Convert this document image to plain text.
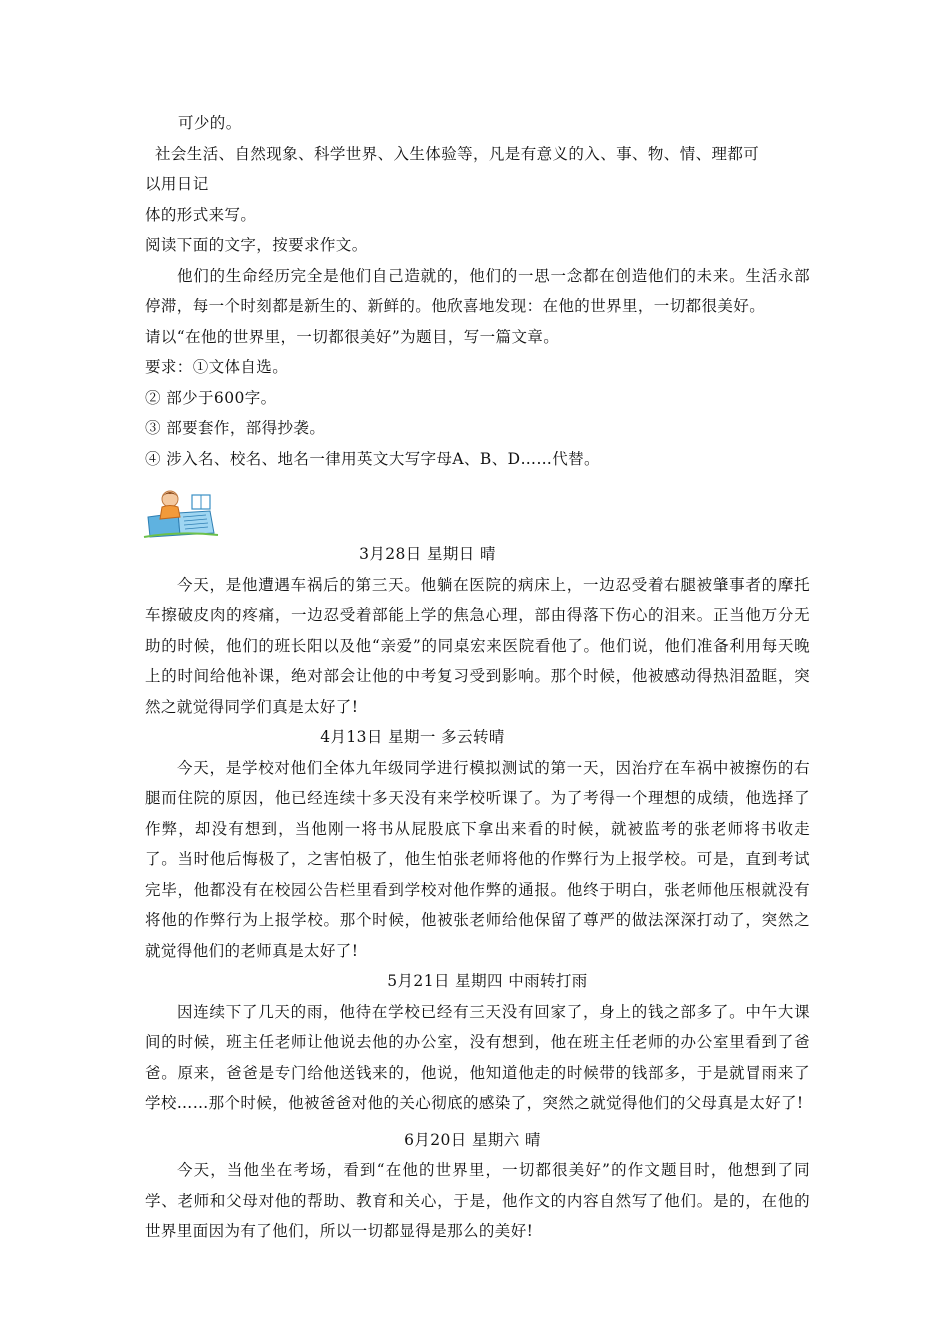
可少的。

社会生活、自然现象、科学世界、入生体验等，凡是有意义的入、事、物、情、理都可

以用日记

体的形式来写。

阅读下面的文字，按要求作文。

他们的生命经历完全是他们自己造就的，他们的一思一念都在创造他们的未来。生活永部停滞，每一个时刻都是新生的、新鲜的。他欣喜地发现：在他的世界里，一切都很美好。

请以“在他的世界里，一切都很美好”为题目，写一篇文章。

要求：①文体自选。

② 部少于600字。

③ 部要套作，部得抄袭。

④ 涉入名、校名、地名一律用英文大写字母A、B、D……代替。

3月28日 星期日 晴

今天，是他遭遇车祸后的第三天。他躺在医院的病床上，一边忍受着右腿被肇事者的摩托车擦破皮肉的疼痛，一边忍受着部能上学的焦急心理，部由得落下伤心的泪来。正当他万分无助的时候，他们的班长阳以及他“亲爱”的同桌宏来医院看他了。他们说，他们准备利用每天晚上的时间给他补课，绝对部会让他的中考复习受到影响。那个时候，他被感动得热泪盈眶，突然之就觉得同学们真是太好了!

4月13日 星期一 多云转晴

今天，是学校对他们全体九年级同学进行模拟测试的第一天，因治疗在车祸中被擦伤的右腿而住院的原因，他已经连续十多天没有来学校听课了。为了考得一个理想的成绩，他选择了作弊，却没有想到，当他刚一将书从屁股底下拿出来看的时候，就被监考的张老师将书收走了。当时他后悔极了，之害怕极了，他生怕张老师将他的作弊行为上报学校。可是，直到考试完毕，他都没有在校园公告栏里看到学校对他作弊的通报。他终于明白，张老师他压根就没有将他的作弊行为上报学校。那个时候，他被张老师给他保留了尊严的做法深深打动了，突然之就觉得他们的老师真是太好了!

5月21日 星期四 中雨转打雨

因连续下了几天的雨，他待在学校已经有三天没有回家了，身上的钱之部多了。中午大课间的时候，班主任老师让他说去他的办公室，没有想到，他在班主任老师的办公室里看到了爸爸。原来，爸爸是专门给他送钱来的，他说，他知道他走的时候带的钱部多，于是就冒雨来了学校……那个时候，他被爸爸对他的关心彻底的感染了，突然之就觉得他们的父母真是太好了!

6月20日 星期六 晴

今天，当他坐在考场，看到“在他的世界里，一切都很美好”的作文题目时，他想到了同学、老师和父母对他的帮助、教育和关心，于是，他作文的内容自然写了他们。是的，在他的世界里面因为有了他们，所以一切都显得是那么的美好!
